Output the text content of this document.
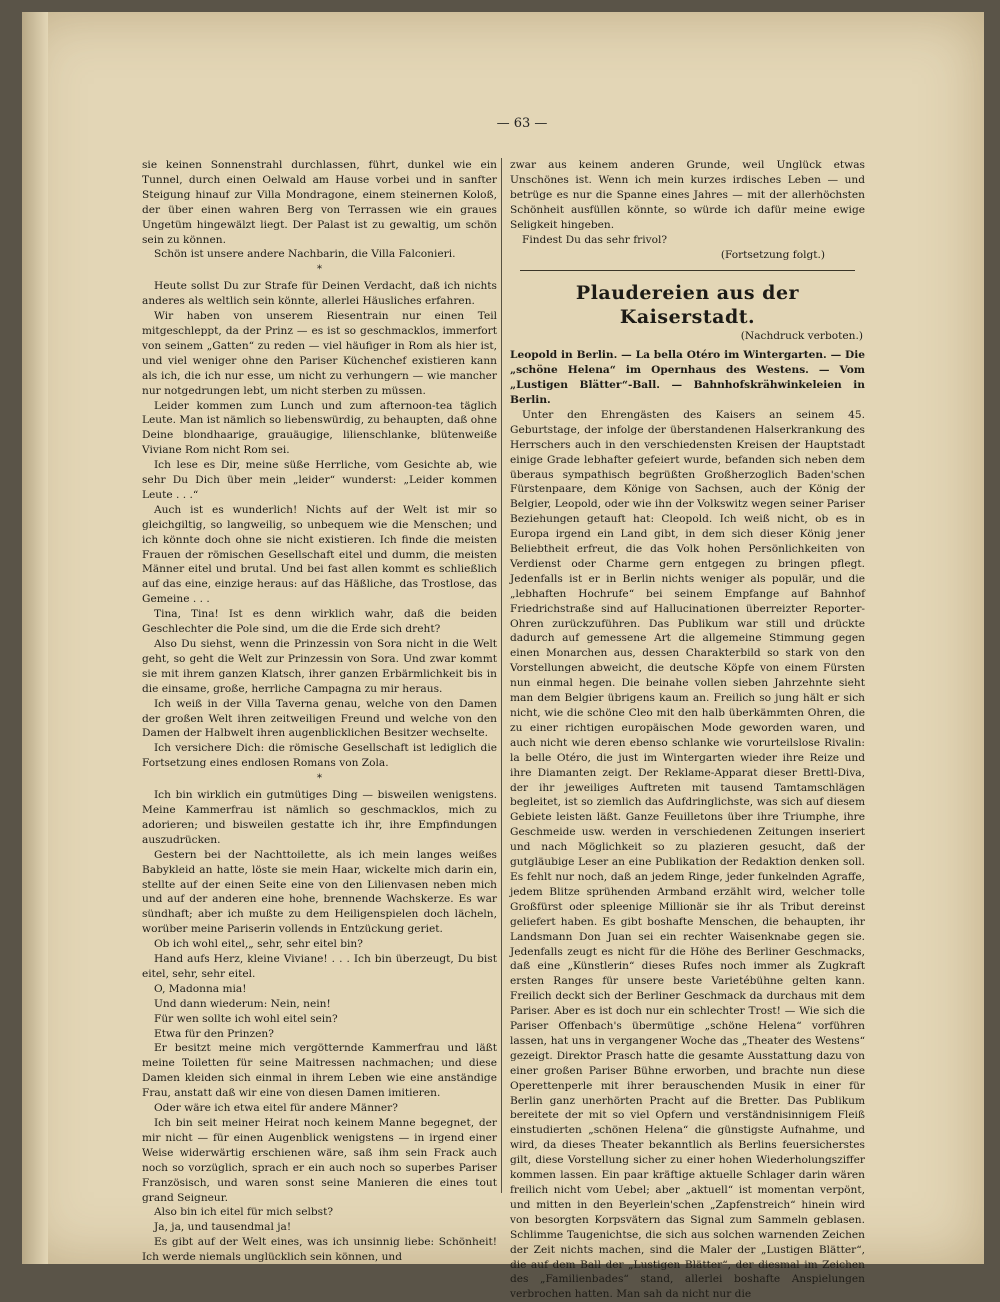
— 63 —

sie keinen Sonnenstrahl durchlassen, führt, dunkel wie ein Tunnel, durch einen Oelwald am Hause vorbei und in sanfter Steigung hinauf zur Villa Mondragone, einem steinernen Koloß, der über einen wahren Berg von Terrassen wie ein graues Ungetüm hingewälzt liegt. Der Palast ist zu gewaltig, um schön sein zu können.

Schön ist unsere andere Nachbarin, die Villa Falconieri.

*

Heute sollst Du zur Strafe für Deinen Verdacht, daß ich nichts anderes als weltlich sein könnte, allerlei Häusliches erfahren.

Wir haben von unserem Riesentrain nur einen Teil mitgeschleppt, da der Prinz — es ist so geschmacklos, immerfort von seinem „Gatten“ zu reden — viel häufiger in Rom als hier ist, und viel weniger ohne den Pariser Küchenchef existieren kann als ich, die ich nur esse, um nicht zu verhungern — wie mancher nur notgedrungen lebt, um nicht sterben zu müssen.

Leider kommen zum Lunch und zum afternoon-tea täglich Leute. Man ist nämlich so liebenswürdig, zu behaupten, daß ohne Deine blondhaarige, grauäugige, lilienschlanke, blütenweiße Viviane Rom nicht Rom sei.

Ich lese es Dir, meine süße Herrliche, vom Gesichte ab, wie sehr Du Dich über mein „leider“ wunderst: „Leider kommen Leute . . .“

Auch ist es wunderlich! Nichts auf der Welt ist mir so gleichgiltig, so langweilig, so unbequem wie die Menschen; und ich könnte doch ohne sie nicht existieren. Ich finde die meisten Frauen der römischen Gesellschaft eitel und dumm, die meisten Männer eitel und brutal. Und bei fast allen kommt es schließlich auf das eine, einzige heraus: auf das Häßliche, das Trostlose, das Gemeine . . .

Tina, Tina! Ist es denn wirklich wahr, daß die beiden Geschlechter die Pole sind, um die die Erde sich dreht?

Also Du siehst, wenn die Prinzessin von Sora nicht in die Welt geht, so geht die Welt zur Prinzessin von Sora. Und zwar kommt sie mit ihrem ganzen Klatsch, ihrer ganzen Erbärmlichkeit bis in die einsame, große, herrliche Campagna zu mir heraus.

Ich weiß in der Villa Taverna genau, welche von den Damen der großen Welt ihren zeitweiligen Freund und welche von den Damen der Halbwelt ihren augenblicklichen Besitzer wechselte.

Ich versichere Dich: die römische Gesellschaft ist lediglich die Fortsetzung eines endlosen Romans von Zola.

*

Ich bin wirklich ein gutmütiges Ding — bisweilen wenigstens. Meine Kammerfrau ist nämlich so geschmacklos, mich zu adorieren; und bisweilen gestatte ich ihr, ihre Empfindungen auszudrücken.

Gestern bei der Nachttoilette, als ich mein langes weißes Babykleid an hatte, löste sie mein Haar, wickelte mich darin ein, stellte auf der einen Seite eine von den Lilienvasen neben mich und auf der anderen eine hohe, brennende Wachskerze. Es war sündhaft; aber ich mußte zu dem Heiligenspielen doch lächeln, worüber meine Pariserin vollends in Entzückung geriet.

Ob ich wohl eitel,„ sehr, sehr eitel bin?

Hand aufs Herz, kleine Viviane! . . . Ich bin überzeugt, Du bist eitel, sehr, sehr eitel.

O, Madonna mia!

Und dann wiederum: Nein, nein!

Für wen sollte ich wohl eitel sein?

Etwa für den Prinzen?

Er besitzt meine mich vergötternde Kammerfrau und läßt meine Toiletten für seine Maitressen nachmachen; und diese Damen kleiden sich einmal in ihrem Leben wie eine anständige Frau, anstatt daß wir eine von diesen Damen imitieren.

Oder wäre ich etwa eitel für andere Männer?

Ich bin seit meiner Heirat noch keinem Manne begegnet, der mir nicht — für einen Augenblick wenigstens — in irgend einer Weise widerwärtig erschienen wäre, saß ihm sein Frack auch noch so vorzüglich, sprach er ein auch noch so superbes Pariser Französisch, und waren sonst seine Manieren die eines tout grand Seigneur.

Also bin ich eitel für mich selbst?

Ja, ja, und tausendmal ja!

Es gibt auf der Welt eines, was ich unsinnig liebe: Schönheit! Ich werde niemals unglücklich sein können, und

zwar aus keinem anderen Grunde, weil Unglück etwas Unschönes ist. Wenn ich mein kurzes irdisches Leben — und betrüge es nur die Spanne eines Jahres — mit der allerhöchsten Schönheit ausfüllen könnte, so würde ich dafür meine ewige Seligkeit hingeben.

Findest Du das sehr frivol?

(Fortsetzung folgt.)
Plaudereien aus der Kaiserstadt.
(Nachdruck verboten.)

Leopold in Berlin. — La bella Otéro im Wintergarten. — Die „schöne Helena“ im Opernhaus des Westens. — Vom „Lustigen Blätter“-Ball. — Bahnhofskrähwinkeleien in Berlin.

Unter den Ehrengästen des Kaisers an seinem 45. Geburtstage, der infolge der überstandenen Halserkrankung des Herrschers auch in den verschiedensten Kreisen der Hauptstadt einige Grade lebhafter gefeiert wurde, befanden sich neben dem überaus sympathisch begrüßten Großherzoglich Baden'schen Fürstenpaare, dem Könige von Sachsen, auch der König der Belgier, Leopold, oder wie ihn der Volkswitz wegen seiner Pariser Beziehungen getauft hat: Cleopold. Ich weiß nicht, ob es in Europa irgend ein Land gibt, in dem sich dieser König jener Beliebtheit erfreut, die das Volk hohen Persönlichkeiten von Verdienst oder Charme gern entgegen zu bringen pflegt. Jedenfalls ist er in Berlin nichts weniger als populär, und die „lebhaften Hochrufe“ bei seinem Empfange auf Bahnhof Friedrichstraße sind auf Hallucinationen überreizter Reporter-Ohren zurückzuführen. Das Publikum war still und drückte dadurch auf gemessene Art die allgemeine Stimmung gegen einen Monarchen aus, dessen Charakterbild so stark von den Vorstellungen abweicht, die deutsche Köpfe von einem Fürsten nun einmal hegen. Die beinahe vollen sieben Jahrzehnte sieht man dem Belgier übrigens kaum an. Freilich so jung hält er sich nicht, wie die schöne Cleo mit den halb überkämmten Ohren, die zu einer richtigen europäischen Mode geworden waren, und auch nicht wie deren ebenso schlanke wie vorurteilslose Rivalin: la belle Otéro, die just im Wintergarten wieder ihre Reize und ihre Diamanten zeigt. Der Reklame-Apparat dieser Brettl-Diva, der ihr jeweiliges Auftreten mit tausend Tamtamschlägen begleitet, ist so ziemlich das Aufdringlichste, was sich auf diesem Gebiete leisten läßt. Ganze Feuilletons über ihre Triumphe, ihre Geschmeide usw. werden in verschiedenen Zeitungen inseriert und nach Möglichkeit so zu plazieren gesucht, daß der gutgläubige Leser an eine Publikation der Redaktion denken soll. Es fehlt nur noch, daß an jedem Ringe, jeder funkelnden Agraffe, jedem Blitze sprühenden Armband erzählt wird, welcher tolle Großfürst oder spleenige Millionär sie ihr als Tribut dereinst geliefert haben. Es gibt boshafte Menschen, die behaupten, ihr Landsmann Don Juan sei ein rechter Waisenknabe gegen sie. Jedenfalls zeugt es nicht für die Höhe des Berliner Geschmacks, daß eine „Künstlerin“ dieses Rufes noch immer als Zugkraft ersten Ranges für unsere beste Varietébühne gelten kann. Freilich deckt sich der Berliner Geschmack da durchaus mit dem Pariser. Aber es ist doch nur ein schlechter Trost! — Wie sich die Pariser Offenbach's übermütige „schöne Helena“ vorführen lassen, hat uns in vergangener Woche das „Theater des Westens“ gezeigt. Direktor Prasch hatte die gesamte Ausstattung dazu von einer großen Pariser Bühne erworben, und brachte nun diese Operettenperle mit ihrer berauschenden Musik in einer für Berlin ganz unerhörten Pracht auf die Bretter. Das Publikum bereitete der mit so viel Opfern und verständnisinnigem Fleiß einstudierten „schönen Helena“ die günstigste Aufnahme, und wird, da dieses Theater bekanntlich als Berlins feuersicherstes gilt, diese Vorstellung sicher zu einer hohen Wiederholungsziffer kommen lassen. Ein paar kräftige aktuelle Schlager darin wären freilich nicht vom Uebel; aber „aktuell“ ist momentan verpönt, und mitten in den Beyerlein'schen „Zapfenstreich“ hinein wird von besorgten Korpsvätern das Signal zum Sammeln geblasen. Schlimme Taugenichtse, die sich aus solchen warnenden Zeichen der Zeit nichts machen, sind die Maler der „Lustigen Blätter“, die auf dem Ball der „Lustigen Blätter“, der diesmal im Zeichen des „Familienbades“ stand, allerlei boshafte Anspielungen verbrochen hatten. Man sah da nicht nur die
